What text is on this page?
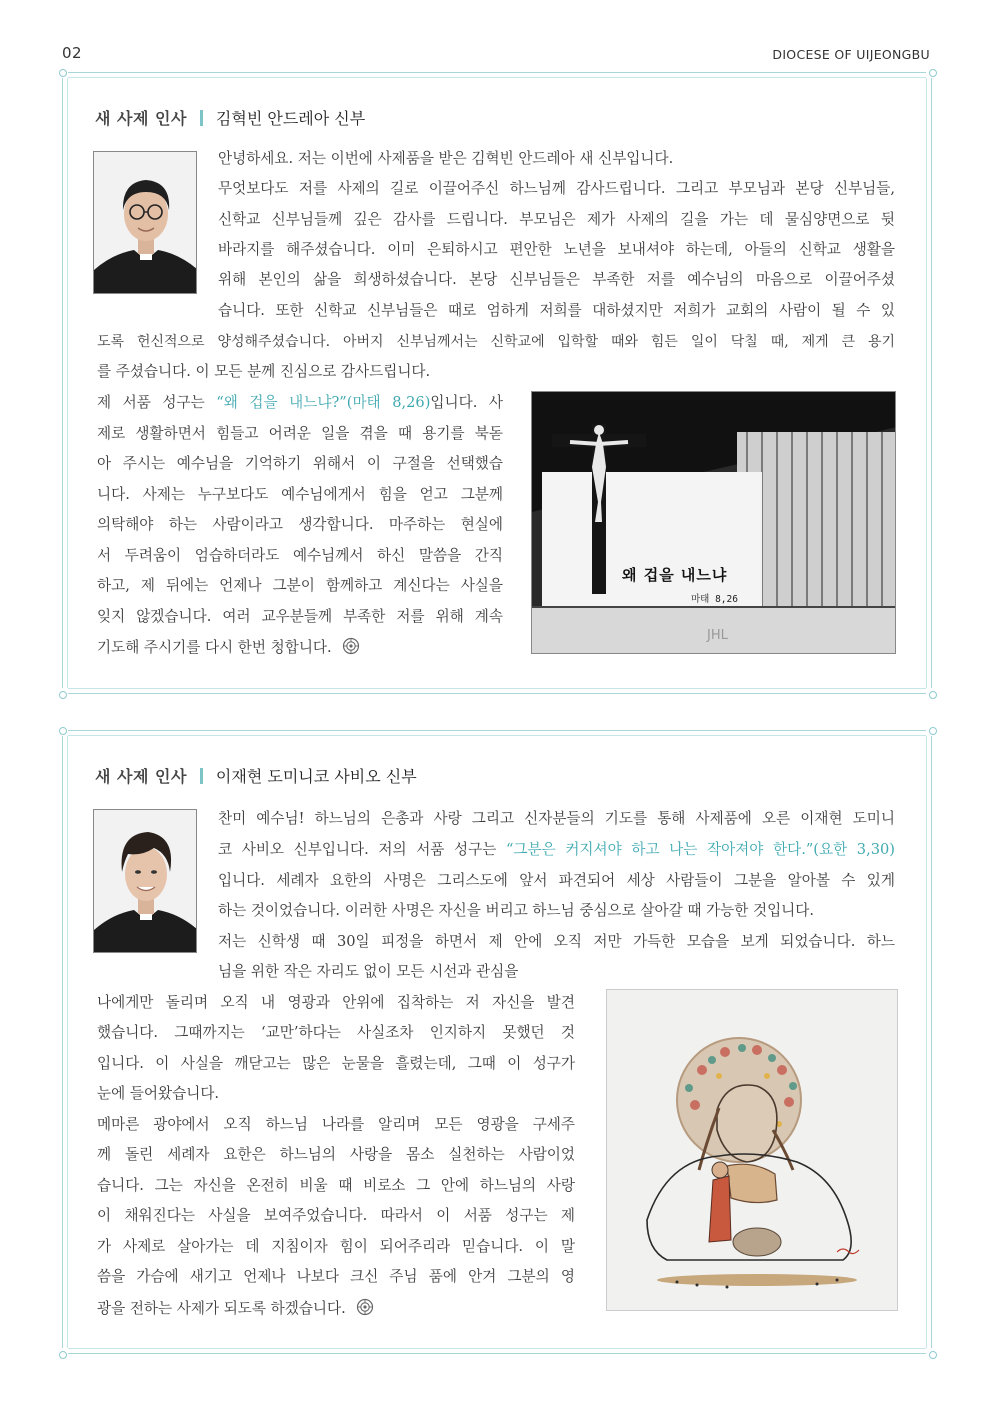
02	DIOCESE OF UIJEONGBU
새 사제 인사 김혁빈 안드레아 신부
안녕하세요. 저는 이번에 사제품을 받은 김혁빈 안드레아 새 신부입니다.
무엇보다도 저를 사제의 길로 이끌어주신 하느님께 감사드립니다. 그리고 부모님과 본당 신부님들,
신학교 신부님들께 깊은 감사를 드립니다. 부모님은 제가 사제의 길을 가는 데 물심양면으로 뒷
바라지를 해주셨습니다. 이미 은퇴하시고 편안한 노년을 보내셔야 하는데, 아들의 신학교 생활을
위해 본인의 삶을 희생하셨습니다. 본당 신부님들은 부족한 저를 예수님의 마음으로 이끌어주셨
습니다. 또한 신학교 신부님들은 때로 엄하게 저희를 대하셨지만 저희가 교회의 사람이 될 수 있
도록 헌신적으로 양성해주셨습니다. 아버지 신부님께서는 신학교에 입학할 때와 힘든 일이 닥칠 때, 제게 큰 용기
를 주셨습니다. 이 모든 분께 진심으로 감사드립니다.
제 서품 성구는 “왜 겁을 내느냐?”(마태 8,26)입니다. 사
제로 생활하면서 힘들고 어려운 일을 겪을 때 용기를 북돋
아 주시는 예수님을 기억하기 위해서 이 구절을 선택했습
니다. 사제는 누구보다도 예수님에게서 힘을 얻고 그분께
의탁해야 하는 사람이라고 생각합니다. 마주하는 현실에
서 두려움이 엄습하더라도 예수님께서 하신 말씀을 간직
하고, 제 뒤에는 언제나 그분이 함께하고 계신다는 사실을
잊지 않겠습니다. 여러 교우분들께 부족한 저를 위해 계속
기도해 주시기를 다시 한번 청합니다.
왜 겁을 내느냐
마태 8,26
JHL
새 사제 인사 이재현 도미니코 사비오 신부
찬미 예수님! 하느님의 은총과 사랑 그리고 신자분들의 기도를 통해 사제품에 오른 이재현 도미니
코 사비오 신부입니다. 저의 서품 성구는 “그분은 커지셔야 하고 나는 작아져야 한다.”(요한 3,30)
입니다. 세례자 요한의 사명은 그리스도에 앞서 파견되어 세상 사람들이 그분을 알아볼 수 있게
하는 것이었습니다. 이러한 사명은 자신을 버리고 하느님 중심으로 살아갈 때 가능한 것입니다.
저는 신학생 때 30일 피정을 하면서 제 안에 오직 저만 가득한 모습을 보게 되었습니다. 하느
님을 위한 작은 자리도 없이 모든 시선과 관심을
나에게만 돌리며 오직 내 영광과 안위에 집착하는 저 자신을 발견
했습니다. 그때까지는 ‘교만’하다는 사실조차 인지하지 못했던 것
입니다. 이 사실을 깨닫고는 많은 눈물을 흘렸는데, 그때 이 성구가
눈에 들어왔습니다.
메마른 광야에서 오직 하느님 나라를 알리며 모든 영광을 구세주
께 돌린 세례자 요한은 하느님의 사랑을 몸소 실천하는 사람이었
습니다. 그는 자신을 온전히 비울 때 비로소 그 안에 하느님의 사랑
이 채워진다는 사실을 보여주었습니다. 따라서 이 서품 성구는 제
가 사제로 살아가는 데 지침이자 힘이 되어주리라 믿습니다. 이 말
씀을 가슴에 새기고 언제나 나보다 크신 주님 품에 안겨 그분의 영
광을 전하는 사제가 되도록 하겠습니다.
